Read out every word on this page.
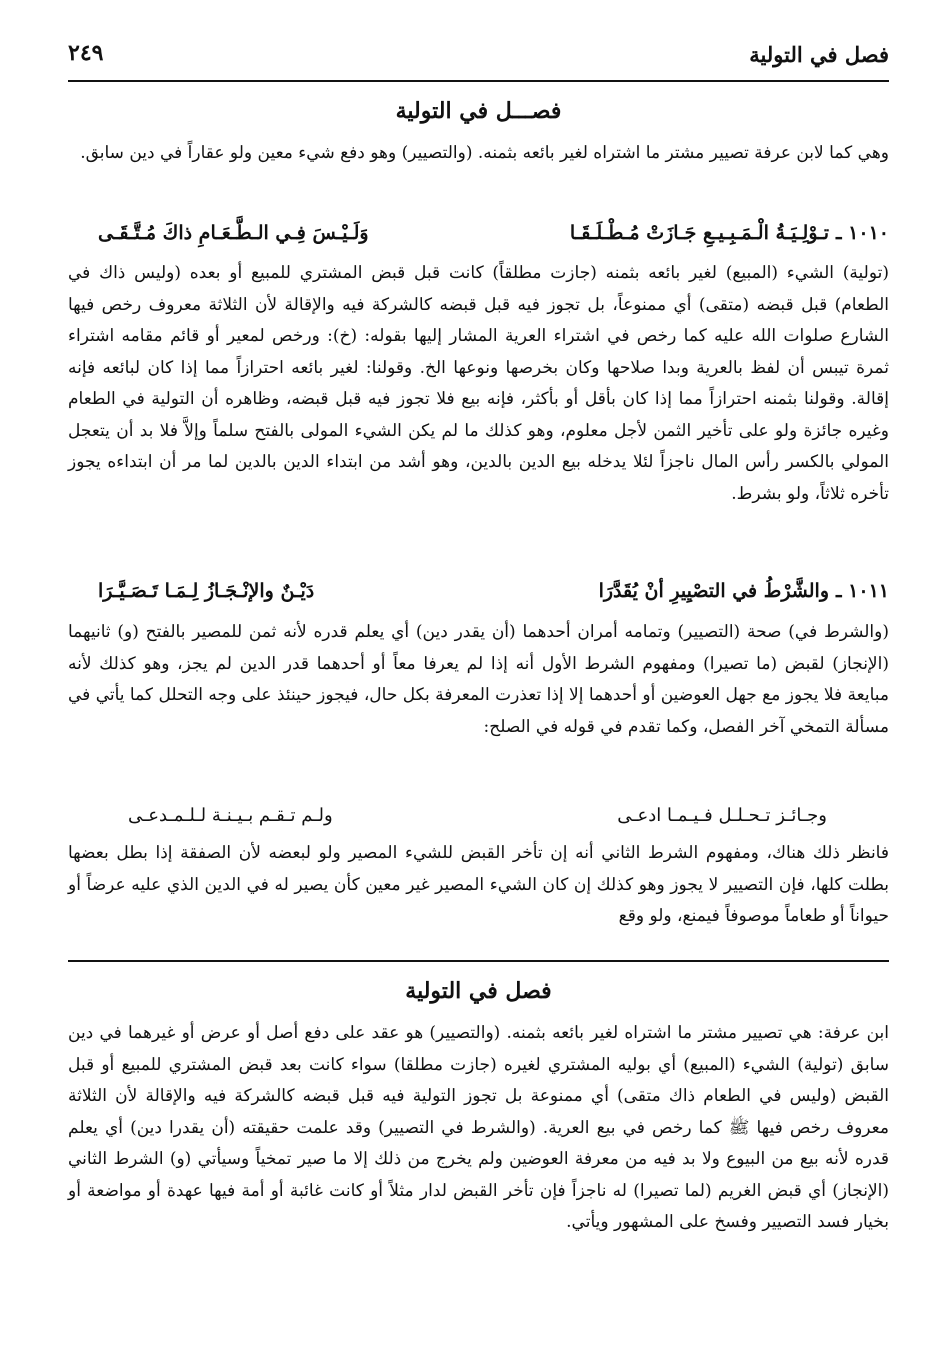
فصل في التولية
٢٤٩
فصـــل في التولية
وهي كما لابن عرفة تصيير مشتر ما اشتراه لغير بائعه بثمنه. (والتصيير) وهو دفع شيء معين ولو عقاراً في دين سابق.
١٠١٠ ـ
تـوْلِـيَـةُ الْـمَـبِـيـعِ جَـازَتْ مُـطْـلَـقَـا
وَلَـيْـسَ فِـي الـطَّـعَـامِ ذاكَ مُـتَّـقَـى
(تولية) الشيء (المبيع) لغير بائعه بثمنه (جازت مطلقاً) كانت قبل قبض المشتري للمبيع أو بعده (وليس ذاك في الطعام) قبل قبضه (متقى) أي ممنوعاً، بل تجوز فيه قبل قبضه كالشركة فيه والإقالة لأن الثلاثة معروف رخص فيها الشارع صلوات الله عليه كما رخص في اشتراء العرية المشار إليها بقوله: (خ): ورخص لمعير أو قائم مقامه اشتراء ثمرة تيبس أن لفظ بالعرية وبدا صلاحها وكان بخرصها ونوعها الخ. وقولنا: لغير بائعه احترازاً مما إذا كان لبائعه فإنه إقالة. وقولنا بثمنه احترازاً مما إذا كان بأقل أو بأكثر، فإنه بيع فلا تجوز فيه قبل قبضه، وظاهره أن التولية في الطعام وغيره جائزة ولو على تأخير الثمن لأجل معلوم، وهو كذلك ما لم يكن الشيء المولى بالفتح سلماً وإلاَّ فلا بد أن يتعجل المولي بالكسر رأس المال ناجزاً لئلا يدخله بيع الدين بالدين، وهو أشد من ابتداء الدين بالدين لما مر أن ابتداءه يجوز تأخره ثلاثاً، ولو بشرط.
١٠١١ ـ
والشَّرْطُ في التصْيِيرِ أنْ يُقَدَّرَا
دَيْـنٌ والإنْـجَـازُ لِـمَـا تَـصَـيَّـرَا
(والشرط في) صحة (التصيير) وتمامه أمران أحدهما (أن يقدر دين) أي يعلم قدره لأنه ثمن للمصير بالفتح (و) ثانيهما (الإنجاز) لقبض (ما تصيرا) ومفهوم الشرط الأول أنه إذا لم يعرفا معاً أو أحدهما قدر الدين لم يجز، وهو كذلك لأنه مبايعة فلا يجوز مع جهل العوضين أو أحدهما إلا إذا تعذرت المعرفة بكل حال، فيجوز حينئذ على وجه التحلل كما يأتي في مسألة التمخي آخر الفصل، وكما تقدم في قوله في الصلح:
وجـائـز تـحـلـل فـيـمـا ادعـى
ولـم تـقـم بـيـنـة لـلـمـدعـى
فانظر ذلك هناك، ومفهوم الشرط الثاني أنه إن تأخر القبض للشيء المصير ولو لبعضه لأن الصفقة إذا بطل بعضها بطلت كلها، فإن التصيير لا يجوز وهو كذلك إن كان الشيء المصير غير معين كأن يصير له في الدين الذي عليه عرضاً أو حيواناً أو طعاماً موصوفاً فيمنع، ولو وقع
فصل في التولية
ابن عرفة: هي تصيير مشتر ما اشتراه لغير بائعه بثمنه. (والتصيير) هو عقد على دفع أصل أو عرض أو غيرهما في دين سابق (تولية) الشيء (المبيع) أي بوليه المشتري لغيره (جازت مطلقا) سواء كانت بعد قبض المشتري للمبيع أو قبل القبض (وليس في الطعام ذاك متقى) أي ممنوعة بل تجوز التولية فيه قبل قبضه كالشركة فيه والإقالة لأن الثلاثة معروف رخص فيها ﷺ كما رخص في بيع العرية. (والشرط في التصيير) وقد علمت حقيقته (أن يقدرا دين) أي يعلم قدره لأنه بيع من البيوع ولا بد فيه من معرفة العوضين ولم يخرج من ذلك إلا ما صير تمخياً وسيأتي (و) الشرط الثاني (الإنجاز) أي قبض الغريم (لما تصيرا) له ناجزاً فإن تأخر القبض لدار مثلاً أو كانت غائبة أو أمة فيها عهدة أو مواضعة أو بخيار فسد التصيير وفسخ على المشهور ويأتي.
